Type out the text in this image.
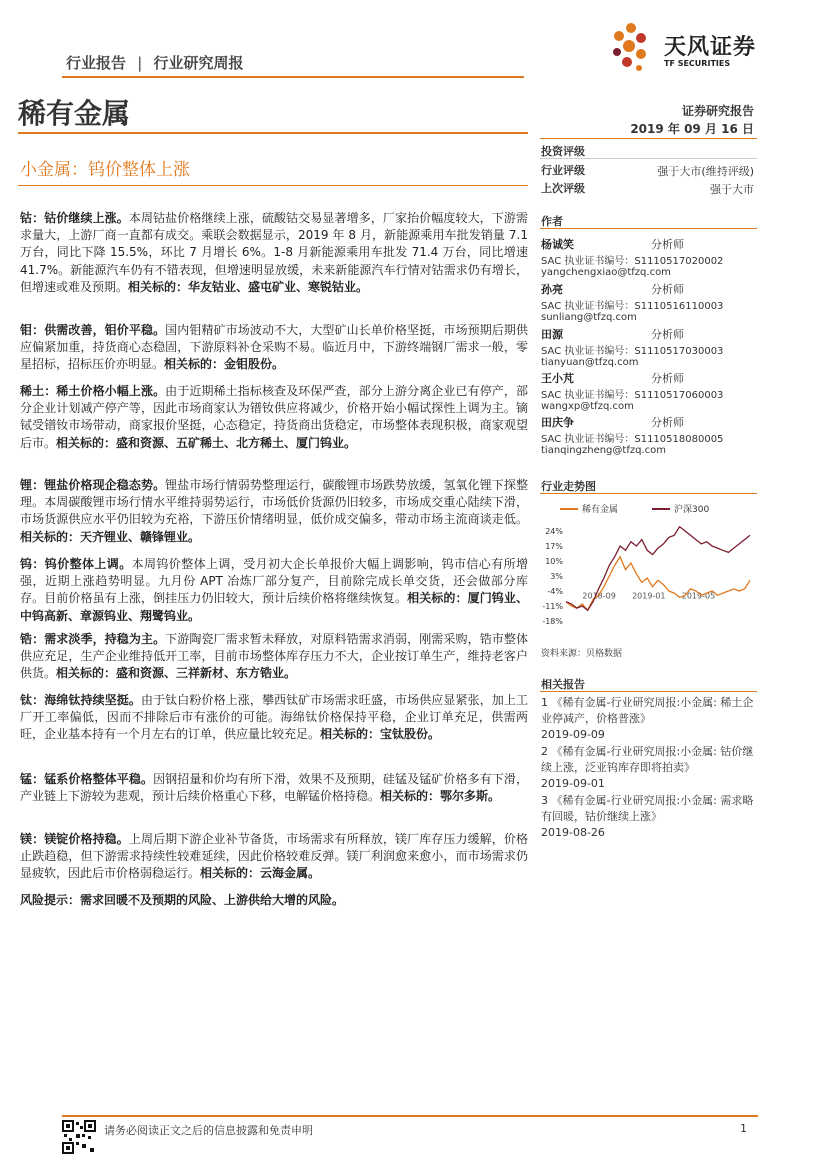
行业报告 | 行业研究周报
天风证券
TF SECURITIES
稀有金属
小金属：钨价整体上涨
证券研究报告
2019 年 09 月 16 日
投资评级
行业评级	强于大市(维持评级)
上次评级	强于大市
作者
杨诚笑	分析师
SAC 执业证书编号：S1110517020002
yangchengxiao@tfzq.com
孙亮	分析师
SAC 执业证书编号：S1110516110003
sunliang@tfzq.com
田源	分析师
SAC 执业证书编号：S1110517030003
tianyuan@tfzq.com
王小芃	分析师
SAC 执业证书编号：S1110517060003
wangxp@tfzq.com
田庆争	分析师
SAC 执业证书编号：S1110518080005
tianqingzheng@tfzq.com
行业走势图
稀有金属	沪深300
24%
17%
10%
3%
-4%
-11%
-18%
2018-09 2019-01 2019-05
资料来源：贝格数据
相关报告
1 《稀有金属-行业研究周报:小金属: 稀土企业停减产，价格普涨》
2019-09-09
2 《稀有金属-行业研究周报:小金属: 钴价继续上涨，泛亚钨库存即将拍卖》
2019-09-01
3 《稀有金属-行业研究周报:小金属: 需求略有回暖，钴价继续上涨》
2019-08-26
钴：钴价继续上涨。本周钴盐价格继续上涨，硫酸钴交易显著增多，厂家抬价幅度较大，下游需求量大，上游厂商一直都有成交。乘联会数据显示，2019 年 8 月，新能源乘用车批发销量 7.1 万台，同比下降 15.5%，环比 7 月增长 6%。1-8 月新能源乘用车批发 71.4 万台，同比增速 41.7%。新能源汽车仍有不错表现，但增速明显放缓，未来新能源汽车行情对钴需求仍有增长，但增速或难及预期。相关标的：华友钴业、盛屯矿业、寒锐钴业。
钼：供需改善，钼价平稳。国内钼精矿市场波动不大，大型矿山长单价格坚挺，市场预期后期供应偏紧加重，持货商心态稳固，下游原料补仓采购不易。临近月中，下游终端钢厂需求一般，零星招标，招标压价亦明显。相关标的：金钼股份。
稀土：稀土价格小幅上涨。由于近期稀土指标核查及环保严查，部分上游分离企业已有停产，部分企业计划减产停产等，因此市场商家认为镨钕供应将减少，价格开始小幅试探性上调为主。镝铽受镨钕市场带动，商家报价坚挺，心态稳定，持货商出货稳定，市场整体表现积极，商家观望后市。相关标的：盛和资源、五矿稀土、北方稀土、厦门钨业。
锂：锂盐价格现企稳态势。锂盐市场行情弱势整理运行，碳酸锂市场跌势放缓，氢氧化锂下探整理。本周碳酸锂市场行情水平维持弱势运行，市场低价货源仍旧较多，市场成交重心陆续下滑，市场货源供应水平仍旧较为充裕，下游压价情绪明显，低价成交偏多，带动市场主流商谈走低。相关标的：天齐锂业、赣锋锂业。
钨：钨价整体上调。本周钨价整体上调，受月初大企长单报价大幅上调影响，钨市信心有所增强，近期上涨趋势明显。九月份 APT 冶炼厂部分复产，目前除完成长单交货，还会做部分库存。目前价格虽有上涨，倒挂压力仍旧较大，预计后续价格将继续恢复。相关标的：厦门钨业、中钨高新、章源钨业、翔鹭钨业。
锆：需求淡季，持稳为主。下游陶瓷厂需求暂未释放，对原料锆需求消弱，刚需采购，锆市整体供应充足，生产企业维持低开工率，目前市场整体库存压力不大，企业按订单生产，维持老客户供货。相关标的：盛和资源、三祥新材、东方锆业。
钛：海绵钛持续坚挺。由于钛白粉价格上涨，攀西钛矿市场需求旺盛，市场供应显紧张，加上工厂开工率偏低，因而不排除后市有涨价的可能。海绵钛价格保持平稳，企业订单充足，供需两旺，企业基本持有一个月左右的订单，供应量比较充足。相关标的：宝钛股份。
锰：锰系价格整体平稳。因钢招量和价均有所下滑，效果不及预期，硅锰及锰矿价格多有下滑，产业链上下游较为悲观，预计后续价格重心下移，电解锰价格持稳。相关标的：鄂尔多斯。
镁：镁锭价格持稳。上周后期下游企业补节备货，市场需求有所释放，镁厂库存压力缓解，价格止跌趋稳，但下游需求持续性较难延续，因此价格较难反弹。镁厂利润愈来愈小，而市场需求仍显疲软，因此后市价格弱稳运行。相关标的：云海金属。
风险提示：需求回暖不及预期的风险、上游供给大增的风险。
请务必阅读正文之后的信息披露和免责申明	1
